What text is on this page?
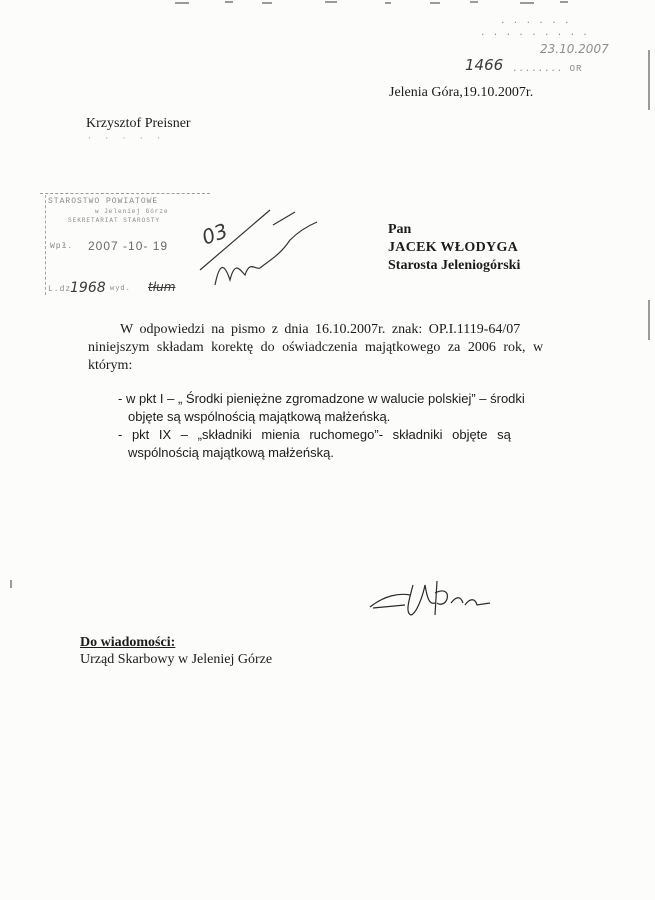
· · · · · ·
· · · · · · · · ·
23.10.2007
1466 ........ OR
Jelenia Góra,19.10.2007r.
Krzysztof Preisner
· · · · ·
STAROSTWO POWIATOWE
w Jeleniej Górze
SEKRETARIAT STAROSTY
Wpł. 2007 -10- 19
L.dz.
1968 wyd. tłum
03	Pan
JACEK WŁODYGA
Starosta Jeleniogórski
W odpowiedzi na pismo z dnia 16.10.2007r. znak: OP.I.1119-64/07
niniejszym składam korektę do oświadczenia majątkowego za 2006 rok, w
którym:
- w pkt I – „ Środki pieniężne zgromadzone w walucie polskiej” – środki
objęte są wspólnością majątkową małżeńską.
- pkt IX – „składniki mienia ruchomego”- składniki objęte są
wspólnością majątkową małżeńską.
Do wiadomości:
Urząd Skarbowy w Jeleniej Górze
